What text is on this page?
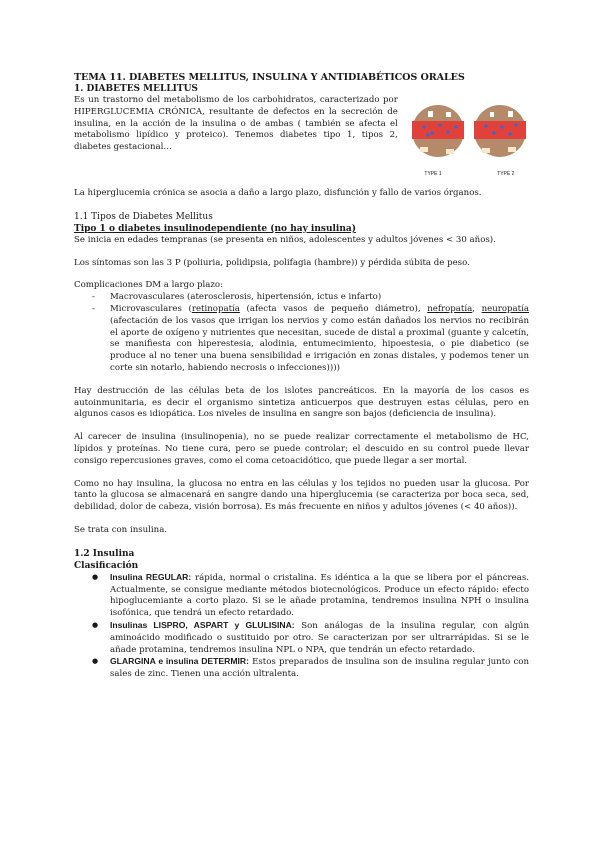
TEMA 11. DIABETES MELLITUS, INSULINA Y ANTIDIABÉTICOS ORALES
1. DIABETES MELLITUS

Es un trastorno del metabolismo de los carbohidratos, caracterizado por HIPERGLUCEMIA CRÓNICA, resultante de defectos en la secreción de insulina, en la acción de la insulina o de ambas ( también se afecta el metabolismo lipídico y proteico). Tenemos diabetes tipo 1, tipos 2, diabetes gestacional…

TYPE 1	TYPE 2

La hiperglucemia crónica se asocia a daño a largo plazo, disfunción y fallo de varios órganos.

1.1 Tipos de Diabetes Mellitus
Tipo 1 o diabetes insulinodependiente (no hay insulina)

Se inicia en edades tempranas (se presenta en niños, adolescentes y adultos jóvenes < 30 años).

Los síntomas son las 3 P (poliuria, polidipsia, polifagia (hambre)) y pérdida súbita de peso.

Complicaciones DM a largo plazo:

- Macrovasculares (aterosclerosis, hipertensión, ictus e infarto)
- Microvasculares (retinopatía (afecta vasos de pequeño diámetro), nefropatía, neuropatía (afectación de los vasos que irrigan los nervios y como están dañados los nervios no recibirán el aporte de oxígeno y nutrientes que necesitan, sucede de distal a proximal (guante y calcetín, se manifiesta con hiperestesia, alodinia, entumecimiento, hipoestesia, o pie diabetico (se produce al no tener una buena sensibilidad e irrigación en zonas distales, y podemos tener un corte sin notarlo, habiendo necrosis o infecciones))))

Hay destrucción de las células beta de los islotes pancreáticos. En la mayoría de los casos es autoinmunitaria, es decir el organismo sintetiza anticuerpos que destruyen estas células, pero en algunos casos es idiopática. Los niveles de insulina en sangre son bajos (deficiencia de insulina).

Al carecer de insulina (insulinopenia), no se puede realizar correctamente el metabolismo de HC, lípidos y proteínas. No tiene cura, pero se puede controlar; el descuido en su control puede llevar consigo repercusiones graves, como el coma cetoacidótico, que puede llegar a ser mortal.

Como no hay insulina, la glucosa no entra en las células y los tejidos no pueden usar la glucosa. Por tanto la glucosa se almacenará en sangre dando una hiperglucemia (se caracteriza por boca seca, sed, debilidad, dolor de cabeza, visión borrosa). Es más frecuente en niños y adultos jóvenes (< 40 años)).

Se trata con insulina.

1.2 Insulina
Clasificación
● Insulina REGULAR: rápida, normal o cristalina. Es idéntica a la que se libera por el páncreas. Actualmente, se consigue mediante métodos biotecnológicos. Produce un efecto rápido: efecto hipoglucemiante a corto plazo. Si se le añade protamina, tendremos insulina NPH o insulina isofónica, que tendrá un efecto retardado.
● Insulinas LISPRO, ASPART y GLULISINA: Son análogas de la insulina regular, con algún aminoácido modificado o sustituido por otro. Se caracterizan por ser ultrarrápidas. Si se le añade protamina, tendremos insulina NPL o NPA, que tendrán un efecto retardado.
● GLARGINA e insulina DETERMIR: Estos preparados de insulina son de insulina regular junto con sales de zinc. Tienen una acción ultralenta.
